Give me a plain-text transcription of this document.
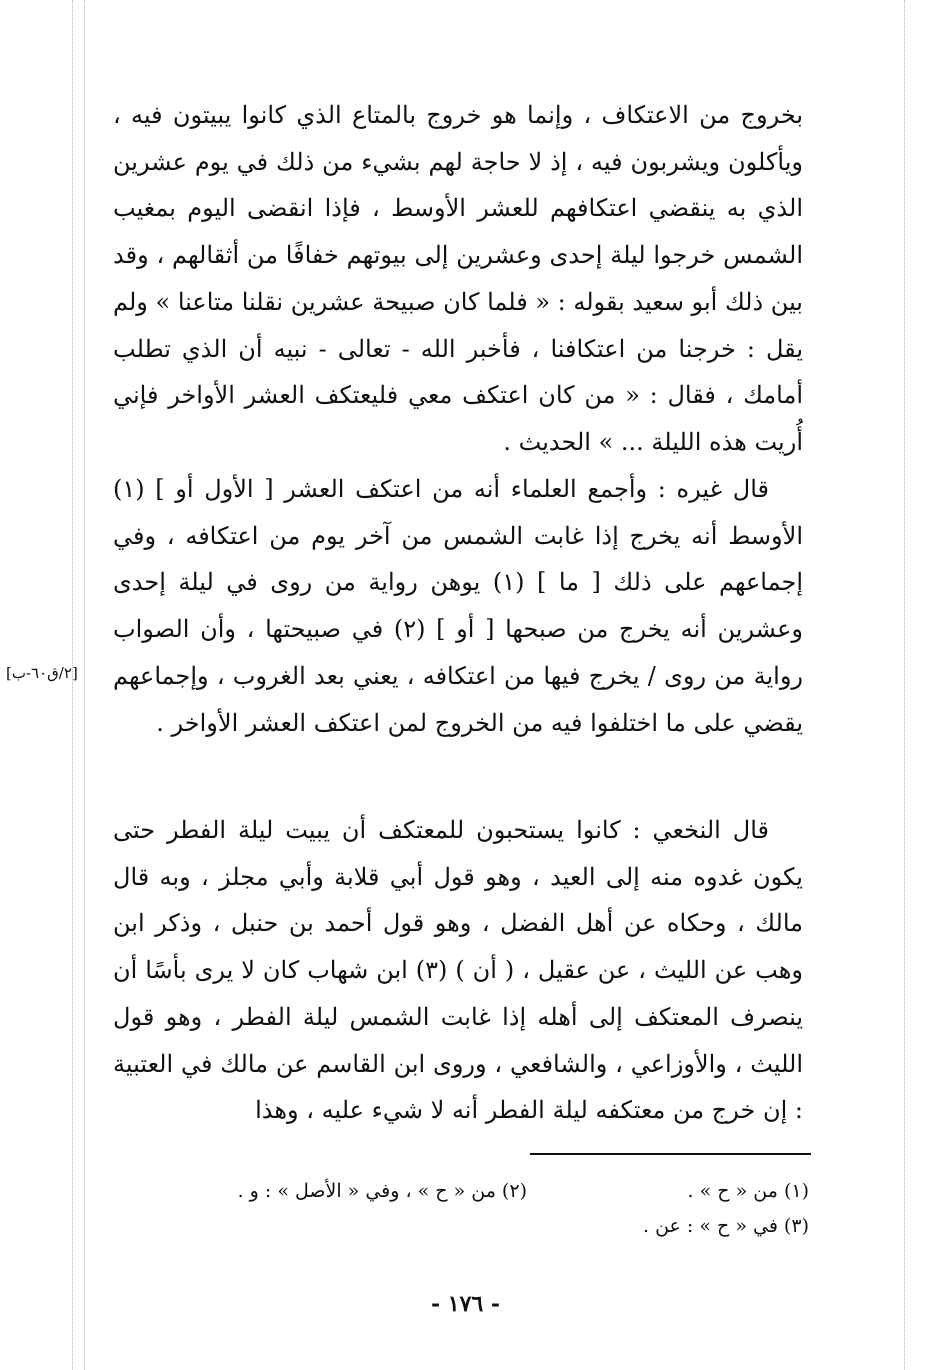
بخروج من الاعتكاف ، وإنما هو خروج بالمتاع الذي كانوا يبيتون فيه ، ويأكلون ويشربون فيه ، إذ لا حاجة لهم بشيء من ذلك في يوم عشرين الذي به ينقضي اعتكافهم للعشر الأوسط ، فإذا انقضى اليوم بمغيب الشمس خرجوا ليلة إحدى وعشرين إلى بيوتهم خفافًا من أثقالهم ، وقد بين ذلك أبو سعيد بقوله : « فلما كان صبيحة عشرين نقلنا متاعنا » ولم يقل : خرجنا من اعتكافنا ، فأخبر الله - تعالى - نبيه أن الذي تطلب أمامك ، فقال : « من كان اعتكف معي فليعتكف العشر الأواخر فإني أُريت هذه الليلة ... » الحديث .

قال غيره : وأجمع العلماء أنه من اعتكف العشر [ الأول أو ] (١) الأوسط أنه يخرج إذا غابت الشمس من آخر يوم من اعتكافه ، وفي إجماعهم على ذلك [ ما ] (١) يوهن رواية من روى في ليلة إحدى وعشرين أنه يخرج من صبحها [ أو ] (٢) في صبيحتها ، وأن الصواب رواية من روى / يخرج فيها من اعتكافه ، يعني بعد الغروب ، وإجماعهم يقضي على ما اختلفوا فيه من الخروج لمن اعتكف العشر الأواخر .

قال النخعي : كانوا يستحبون للمعتكف أن يبيت ليلة الفطر حتى يكون غدوه منه إلى العيد ، وهو قول أبي قلابة وأبي مجلز ، وبه قال مالك ، وحكاه عن أهل الفضل ، وهو قول أحمد بن حنبل ، وذكر ابن وهب عن الليث ، عن عقيل ، ( أن ) (٣) ابن شهاب كان لا يرى بأسًا أن ينصرف المعتكف إلى أهله إذا غابت الشمس ليلة الفطر ، وهو قول الليث ، والأوزاعي ، والشافعي ، وروى ابن القاسم عن مالك في العتبية : إن خرج من معتكفه ليلة الفطر أنه لا شيء عليه ، وهذا

[٢/ق٦٠-ب]
(١) من « ح » .
(٢) من « ح » ، وفي « الأصل » : و .
(٣) في « ح » : عن .
- ١٧٦ -
